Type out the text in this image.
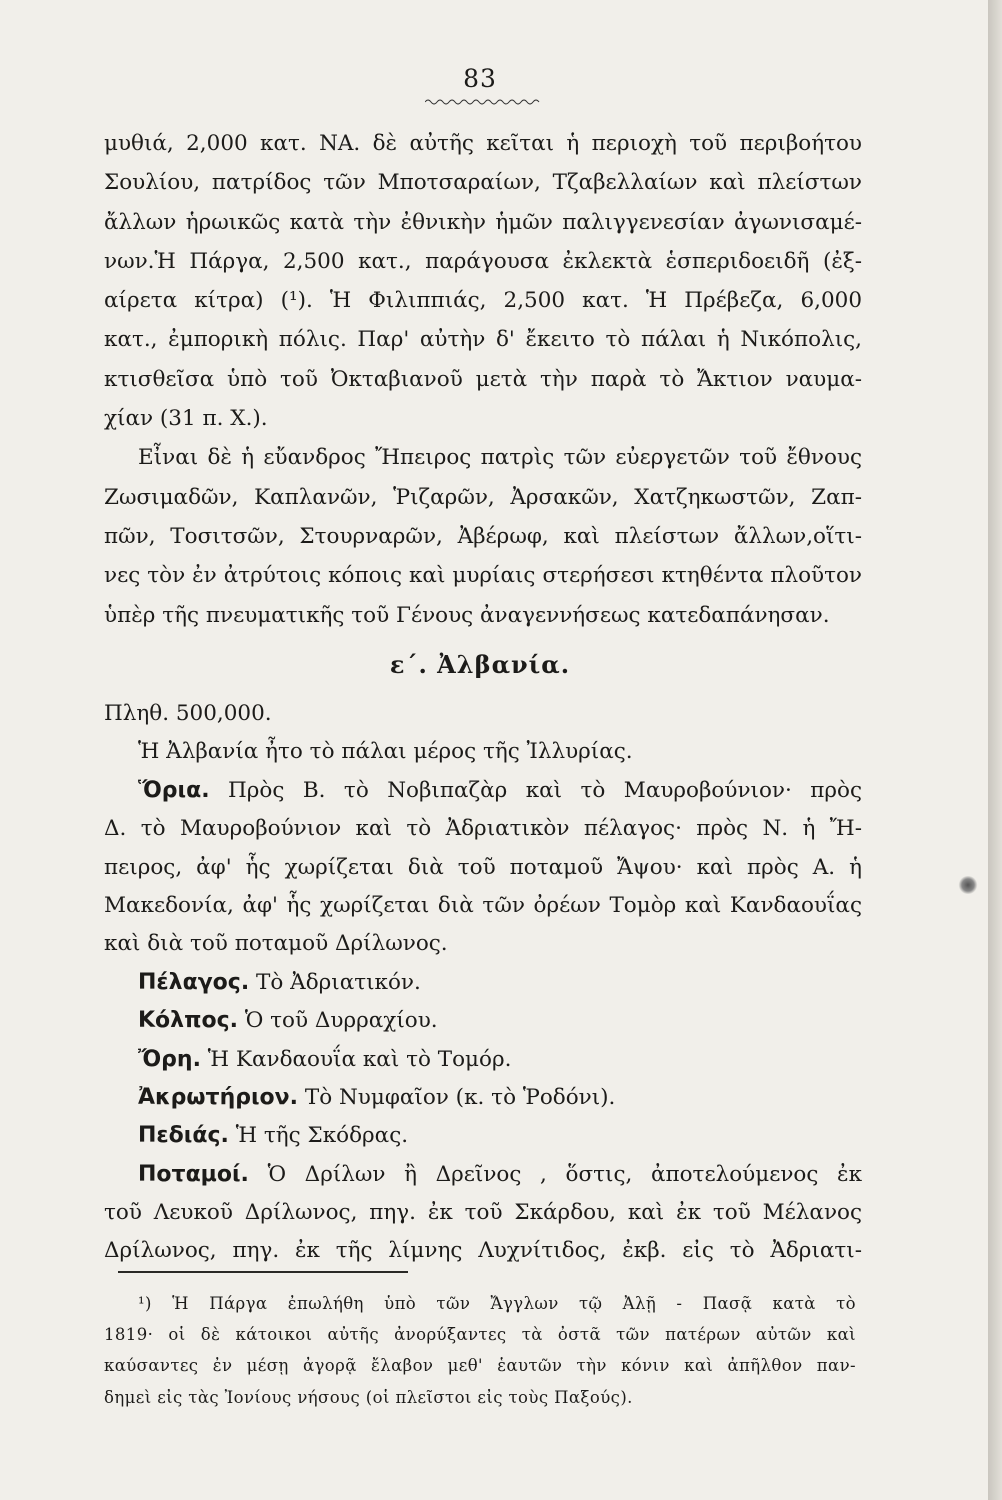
83
μυθιά, 2,000 κατ. ΝΑ. δὲ αὐτῆς κεῖται ἡ περιοχὴ τοῦ περιβοήτου
Σουλίου, πατρίδος τῶν Μποτσαραίων, Τζαβελλαίων καὶ πλείστων
ἄλλων ἡρωικῶς κατὰ τὴν ἐθνικὴν ἡμῶν παλιγγενεσίαν ἀγωνισαμέ-
νων.Ἡ Πάργα, 2,500 κατ., παράγουσα ἐκλεκτὰ ἑσπεριδοειδῆ (ἐξ-
αίρετα κίτρα) (¹). Ἡ Φιλιππιάς, 2,500 κατ. Ἡ Πρέβεζα, 6,000
κατ., ἐμπορικὴ πόλις. Παρ' αὐτὴν δ' ἔκειτο τὸ πάλαι ἡ Νικόπολις,
κτισθεῖσα ὑπὸ τοῦ Ὀκταβιανοῦ μετὰ τὴν παρὰ τὸ Ἄκτιον ναυμα-
χίαν (31 π. Χ.).
Εἶναι δὲ ἡ εὔανδρος Ἤπειρος πατρὶς τῶν εὐεργετῶν τοῦ ἔθνους
Ζωσιμαδῶν, Καπλανῶν, Ῥιζαρῶν, Ἀρσακῶν, Χατζηκωστῶν, Ζαπ-
πῶν, Τοσιτσῶν, Στουρναρῶν, Ἀβέρωφ, καὶ πλείστων ἄλλων,οἵτι-
νες τὸν ἐν ἀτρύτοις κόποις καὶ μυρίαις στερήσεσι κτηθέντα πλοῦτον
ὑπὲρ τῆς πνευματικῆς τοῦ Γένους ἀναγεννήσεως κατεδαπάνησαν.
ε΄. Ἀλβανία.
Πληθ. 500,000.
Ἡ Ἀλβανία ἦτο τὸ πάλαι μέρος τῆς Ἰλλυρίας.
Ὅρια. Πρὸς Β. τὸ Νοβιπαζὰρ καὶ τὸ Μαυροβούνιον· πρὸς
Δ. τὸ Μαυροβούνιον καὶ τὸ Ἀδριατικὸν πέλαγος· πρὸς Ν. ἡ Ἤ-
πειρος, ἀφ' ἧς χωρίζεται διὰ τοῦ ποταμοῦ Ἄψου· καὶ πρὸς Α. ἡ
Μακεδονία, ἀφ' ἧς χωρίζεται διὰ τῶν ὀρέων Τομὸρ καὶ Κανδαουΐας
καὶ διὰ τοῦ ποταμοῦ Δρίλωνος.
Πέλαγος. Τὸ Ἀδριατικόν.
Κόλπος. Ὁ τοῦ Δυρραχίου.
Ὄρη. Ἡ Κανδαουΐα καὶ τὸ Τομόρ.
Ἀκρωτήριον. Τὸ Νυμφαῖον (κ. τὸ Ῥοδόνι).
Πεδιάς. Ἡ τῆς Σκόδρας.
Ποταμοί. Ὁ Δρίλων ἢ Δρεῖνος , ὅστις, ἀποτελούμενος ἐκ
τοῦ Λευκοῦ Δρίλωνος, πηγ. ἐκ τοῦ Σκάρδου, καὶ ἐκ τοῦ Μέλανος
Δρίλωνος, πηγ. ἐκ τῆς λίμνης Λυχνίτιδος, ἐκβ. εἰς τὸ Ἀδριατι-
¹) Ἡ Πάργα ἐπωλήθη ὑπὸ τῶν Ἄγγλων τῷ Ἀλῇ - Πασᾷ κατὰ τὸ
1819· οἱ δὲ κάτοικοι αὐτῆς ἀνορύξαντες τὰ ὀστᾶ τῶν πατέρων αὐτῶν καὶ
καύσαντες ἐν μέσῃ ἀγορᾷ ἔλαβον μεθ' ἑαυτῶν τὴν κόνιν καὶ ἀπῆλθον παν-
δημεὶ εἰς τὰς Ἰονίους νήσους (οἱ πλεῖστοι εἰς τοὺς Παξούς).
